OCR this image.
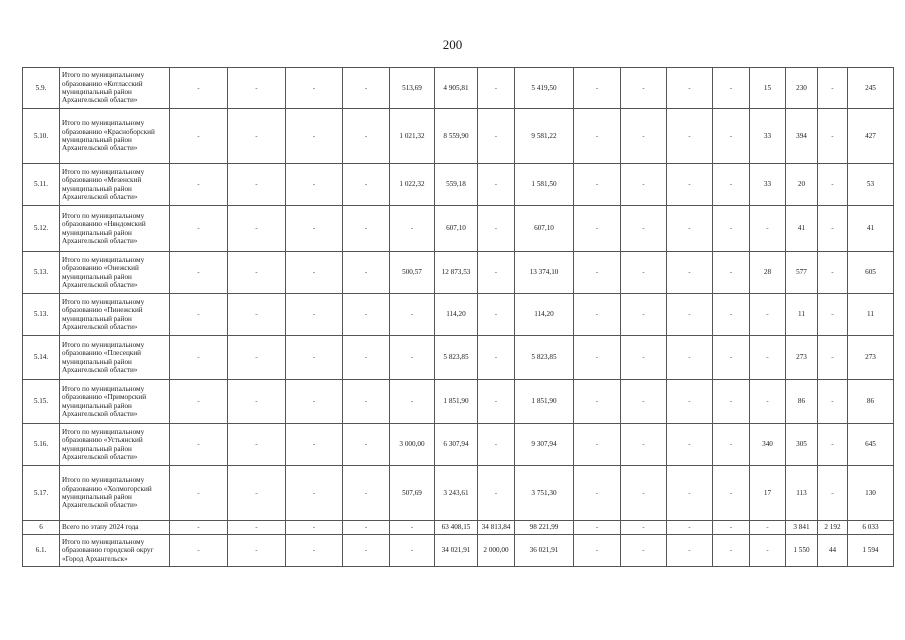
200
5.9.	Итого по муниципальному образованию «Котласский муниципальный район Архангельской области»	-	-	-	-	513,69	4 905,81	-	5 419,50	-	-	-	-	15	230	-	245
5.10.	Итого по муниципальному образованию «Красноборский муниципальный район Архангельской области»	-	-	-	-	1 021,32	8 559,90	-	9 581,22	-	-	-	-	33	394	-	427
5.11.	Итого по муниципальному образованию «Мезенский муниципальный район Архангельской области»	-	-	-	-	1 022,32	559,18	-	1 581,50	-	-	-	-	33	20	-	53
5.12.	Итого по муниципальному образованию «Няндомский муниципальный район Архангельской области»	-	-	-	-	-	607,10	-	607,10	-	-	-	-	-	41	-	41
5.13.	Итого по муниципальному образованию «Онежский муниципальный район Архангельской области»	-	-	-	-	500,57	12 873,53	-	13 374,10	-	-	-	-	28	577	-	605
5.13.	Итого по муниципальному образованию «Пинежский муниципальный район Архангельской области»	-	-	-	-	-	114,20	-	114,20	-	-	-	-	-	11	-	11
5.14.	Итого по муниципальному образованию «Плесецкий муниципальный район Архангельской области»	-	-	-	-	-	5 823,85	-	5 823,85	-	-	-	-	-	273	-	273
5.15.	Итого по муниципальному образованию «Приморский муниципальный район Архангельской области»	-	-	-	-	-	1 851,90	-	1 851,90	-	-	-	-	-	86	-	86
5.16.	Итого по муниципальному образованию «Устьянский муниципальный район Архангельской области»	-	-	-	-	3 000,00	6 307,94	-	9 307,94	-	-	-	-	340	305	-	645
5.17.	Итого по муниципальному образованию «Холмогорский муниципальный район Архангельской области»	-	-	-	-	507,69	3 243,61	-	3 751,30	-	-	-	-	17	113	-	130
6	Всего по этапу 2024 года	-	-	-	-	-	63 408,15	34 813,84	98 221,99	-	-	-	-	-	3 841	2 192	6 033
6.1.	Итого по муниципальному образованию городской округ «Город Архангельск»	-	-	-	-	-	34 021,91	2 000,00	36 021,91	-	-	-	-	-	1 550	44	1 594
